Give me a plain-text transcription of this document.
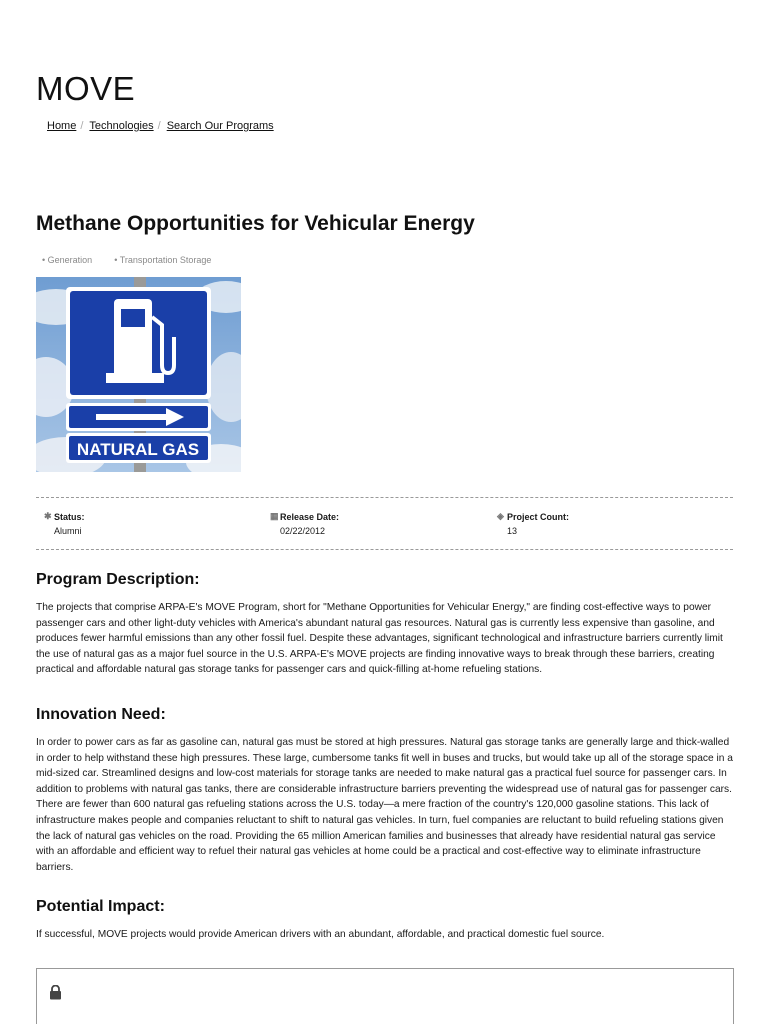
MOVE
Home / Technologies / Search Our Programs
Methane Opportunities for Vehicular Energy
• Generation
•	Transportation Storage
NATURAL GAS
✱ Status:
Alumni
▦ Release Date:
02/22/2012
◈ Project Count:
13
Program Description:

The projects that comprise ARPA-E's MOVE Program, short for "Methane Opportunities for Vehicular Energy," are finding cost-effective ways to power passenger cars and other light-duty vehicles with America's abundant natural gas resources. Natural gas is currently less expensive than gasoline, and produces fewer harmful emissions than any other fossil fuel. Despite these advantages, significant technological and infrastructure barriers currently limit the use of natural gas as a major fuel source in the U.S. ARPA-E's MOVE projects are finding innovative ways to break through these barriers, creating practical and affordable natural gas storage tanks for passenger cars and quick-filling at-home refueling stations.

Innovation Need:

In order to power cars as far as gasoline can, natural gas must be stored at high pressures. Natural gas storage tanks are generally large and thick-walled in order to help withstand these high pressures. These large, cumbersome tanks fit well in buses and trucks, but would take up all of the storage space in a mid-sized car. Streamlined designs and low-cost materials for storage tanks are needed to make natural gas a practical fuel source for passenger cars. In addition to problems with natural gas tanks, there are considerable infrastructure barriers preventing the widespread use of natural gas for passenger cars. There are fewer than 600 natural gas refueling stations across the U.S. today—a mere fraction of the country's 120,000 gasoline stations. This lack of infrastructure makes people and companies reluctant to shift to natural gas vehicles. In turn, fuel companies are reluctant to build refueling stations given the lack of natural gas vehicles on the road. Providing the 65 million American families and businesses that already have residential natural gas service with an affordable and efficient way to refuel their natural gas vehicles at home could be a practical and cost-effective way to eliminate infrastructure barriers.

Potential Impact:

If successful, MOVE projects would provide American drivers with an abundant, affordable, and practical domestic fuel source.
